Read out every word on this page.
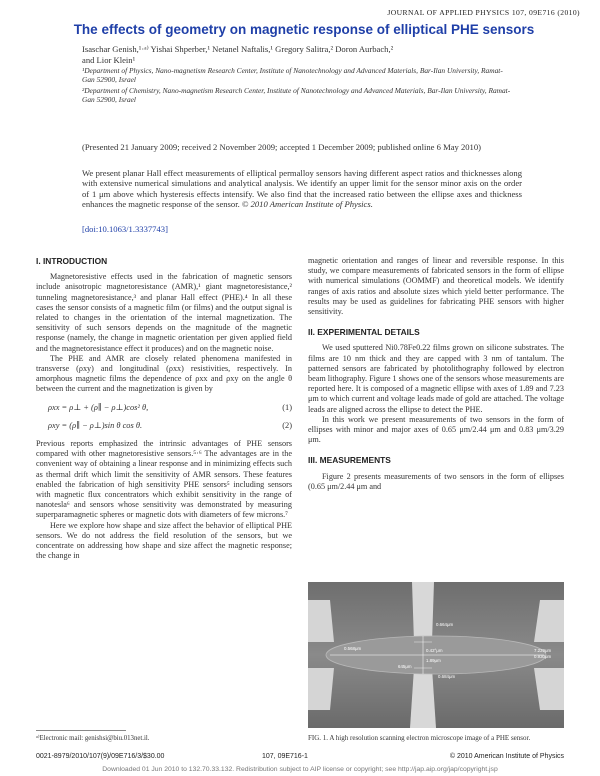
JOURNAL OF APPLIED PHYSICS 107, 09E716 (2010)
The effects of geometry on magnetic response of elliptical PHE sensors
Isaschar Genish,¹·ᵃ⁾ Yishai Shperber,¹ Netanel Naftalis,¹ Gregory Salitra,² Doron Aurbach,²
and Lior Klein¹
¹Department of Physics, Nano-magnetism Research Center, Institute of Nanotechnology and Advanced Materials, Bar-Ilan University, Ramat-Gan 52900, Israel
²Department of Chemistry, Nano-magnetism Research Center, Institute of Nanotechnology and Advanced Materials, Bar-Ilan University, Ramat-Gan 52900, Israel
(Presented 21 January 2009; received 2 November 2009; accepted 1 December 2009; published online 6 May 2010)
We present planar Hall effect measurements of elliptical permalloy sensors having different aspect ratios and thicknesses along with extensive numerical simulations and analytical analysis. We identify an upper limit for the sensor minor axis on the order of 1 μm above which hysteresis effects intensify. We also find that the increased ratio between the ellipse axes and thickness enhances the magnetic response of the sensor. © 2010 American Institute of Physics.
[doi:10.1063/1.3337743]
I. INTRODUCTION

Magnetoresistive effects used in the fabrication of magnetic sensors include anisotropic magnetoresistance (AMR),¹ giant magnetoresistance,² tunneling magnetoresistance,³ and planar Hall effect (PHE).⁴ In all these cases the sensor consists of a magnetic film (or films) and the output signal is related to changes in the orientation of the internal magnetization. The sensitivity of such sensors depends on the magnitude of the magnetic response (namely, the change in magnetic orientation per given applied field and the magnetoresistance effect it produces) and on the magnetic noise.

The PHE and AMR are closely related phenomena manifested in transverse (ρxy) and longitudinal (ρxx) resistivities, respectively. In amorphous magnetic films the dependence of ρxx and ρxy on the angle θ between the current and the magnetization is given by

ρxx = ρ⊥ + (ρ∥ − ρ⊥)cos² θ,	(1)
ρxy = (ρ∥ − ρ⊥)sin θ cos θ.	(2)

Previous reports emphasized the intrinsic advantages of PHE sensors compared with other magnetoresistive sensors.⁵·⁶ The advantages are in the convenient way of obtaining a linear response and in minimizing effects such as thermal drift which limit the sensitivity of AMR sensors. These features enabled the fabrication of high sensitivity PHE sensors⁵ including sensors with magnetic flux concentrators which exhibit sensitivity in the range of nanotesla⁶ and sensors whose sensitivity was demonstrated by measuring superparamagnetic spheres or magnetic dots with diameters of few microns.⁷

Here we explore how shape and size affect the behavior of elliptical PHE sensors. We do not address the field resolution of the sensors, but we concentrate on addressing how shape and size affect the magnetic response; the change in

ᵃ⁾Electronic mail: genishsi@biu.013net.il.

magnetic orientation and ranges of linear and reversible response. In this study, we compare measurements of fabricated sensors in the form of ellipse with numerical simulations (OOMMF) and theoretical models. We identify ranges of axis ratios and absolute sizes which yield better performance. The results may be used as guidelines for fabricating PHE sensors with higher sensitivity.

II. EXPERIMENTAL DETAILS

We used sputtered Ni0.78Fe0.22 films grown on silicone substrates. The films are 10 nm thick and they are capped with 3 nm of tantalum. The patterned sensors are fabricated by photolithography followed by electron beam lithography. Figure 1 shows one of the sensors whose measurements are reported here. It is composed of a magnetic ellipse with axes of 1.89 and 7.23 μm to which current and voltage leads made of gold are attached. The voltage leads are aligned across the ellipse to detect the PHE.

In this work we present measurements of two sensors in the form of ellipses with minor and major axes of 0.65 μm/2.44 μm and 0.83 μm/3.29 μm.

III. MEASUREMENTS

Figure 2 presents measurements of two sensors in the form of ellipses (0.65 μm/2.44 μm and

0.664μm
0.568μm	7.229μm
0.930μm
0.42°μm
1.89μm
645μm
0.684μm
FIG. 1. A high resolution scanning electron microscope image of a PHE sensor.
0021-8979/2010/107(9)/09E716/3/$30.00	107, 09E716-1	© 2010 American Institute of Physics
Downloaded 01 Jun 2010 to 132.70.33.132. Redistribution subject to AIP license or copyright; see http://jap.aip.org/jap/copyright.jsp
